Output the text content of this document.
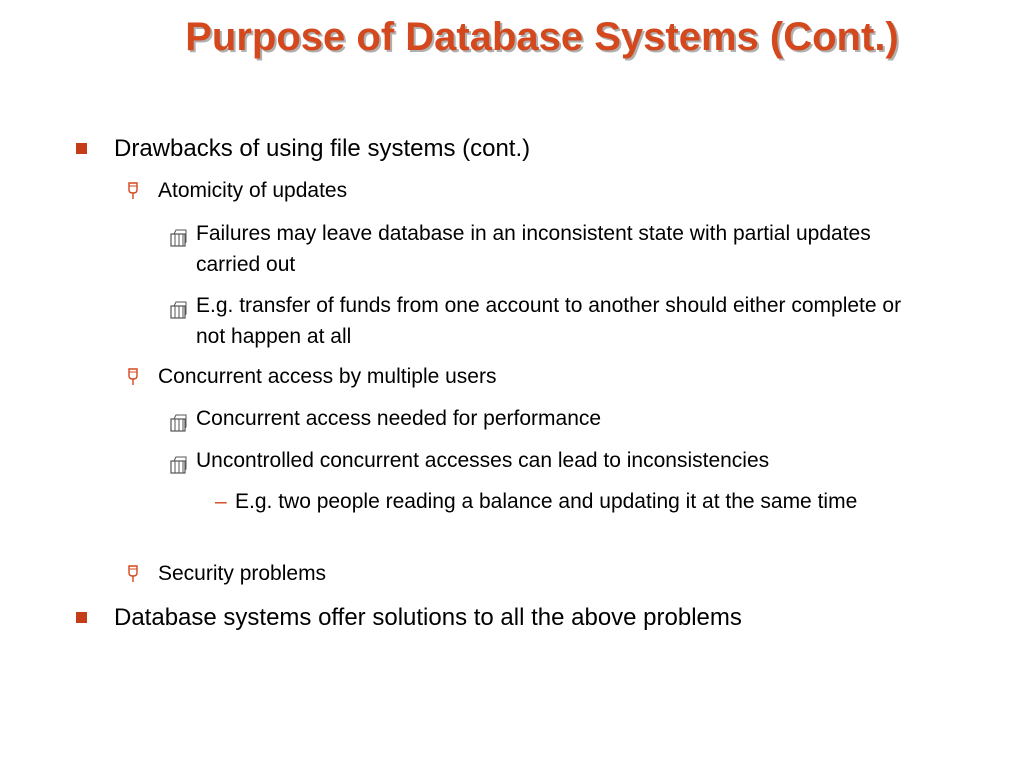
Purpose of Database Systems (Cont.)
Drawbacks of using file systems (cont.)
Atomicity of updates
Failures may leave database in an inconsistent state with partial updates carried out
E.g. transfer of funds from one account to another should either complete or not happen at all
Concurrent access by multiple users
Concurrent access needed for performance
Uncontrolled concurrent accesses can lead to inconsistencies
– E.g. two people reading a balance and updating it at the same time
Security problems
Database systems offer solutions to all the above problems
